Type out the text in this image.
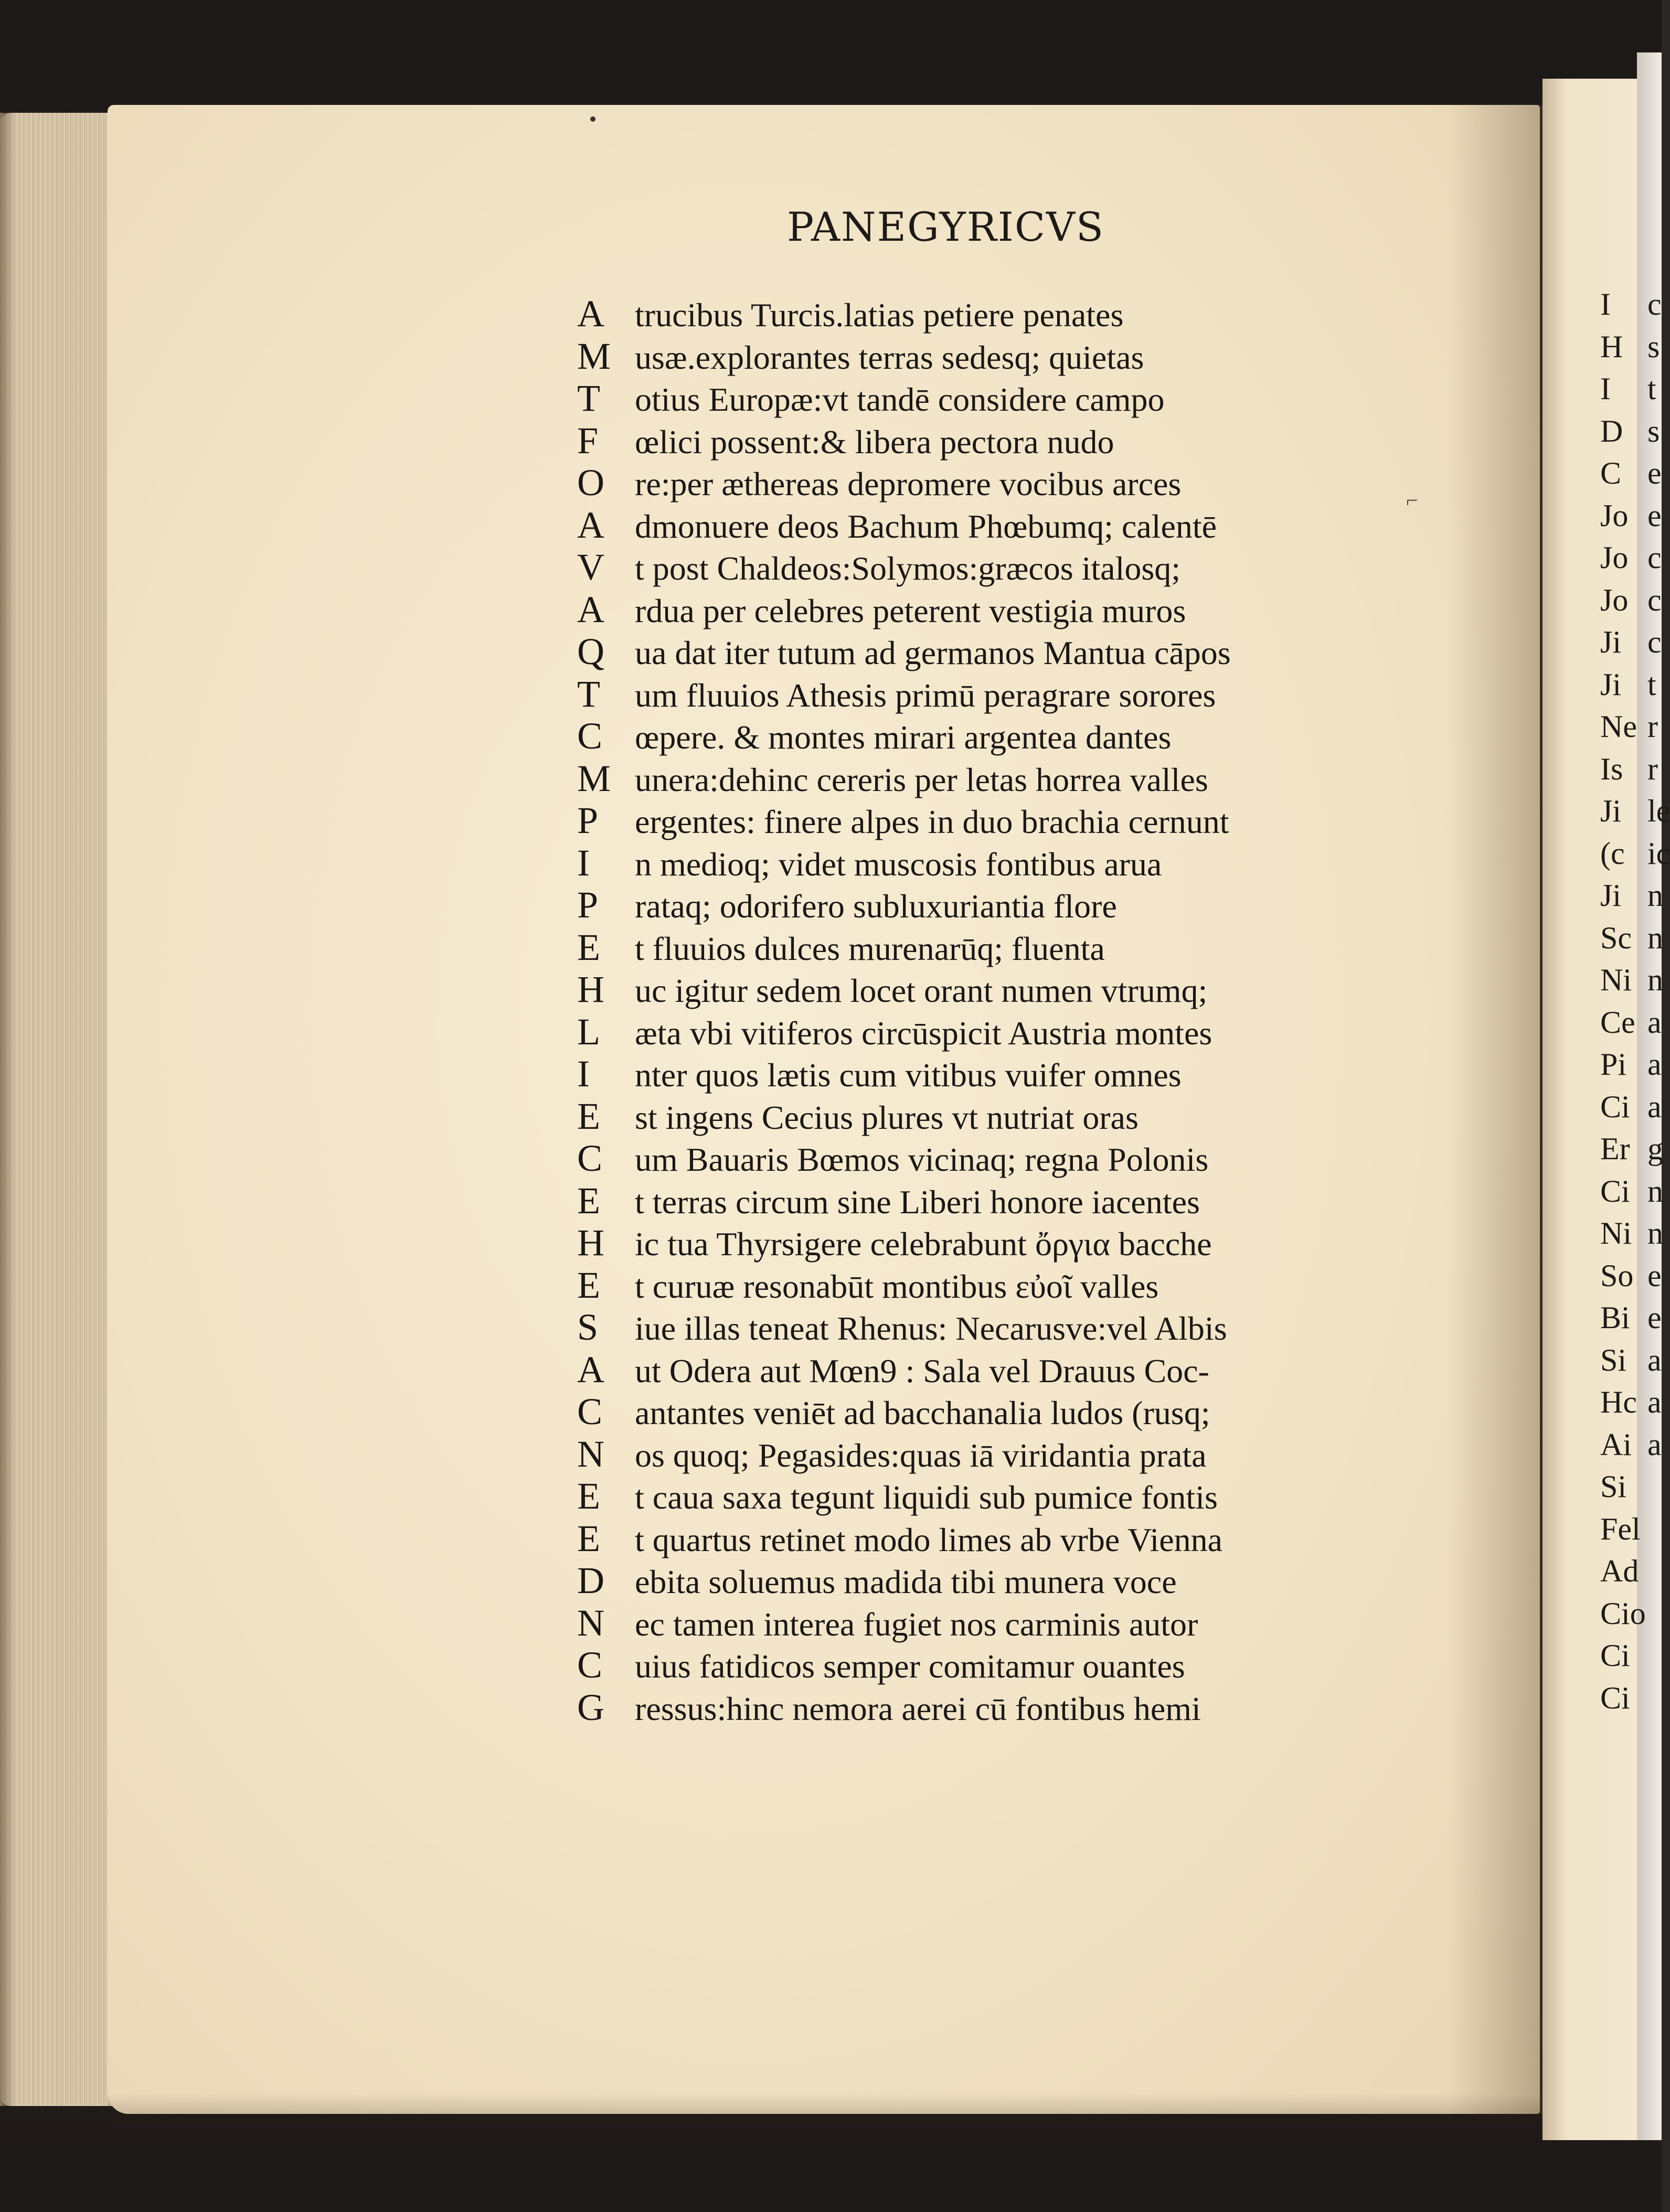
⌐
PANEGYRICVS
A trucibus Turcis.latias petiere penates
M usæ.explorantes terras sedesq; quietas
T otius Europæ:vt tandē considere campo
F œlici possent:& libera pectora nudo
O re:per æthereas depromere vocibus arces
A dmonuere deos Bachum Phœbumq; calentē
V t post Chaldeos:Solymos:græcos italosq;
A rdua per celebres peterent vestigia muros
Q ua dat iter tutum ad germanos Mantua cāpos
T um fluuios Athesis primū peragrare sorores
C œpere. & montes mirari argentea dantes
M unera:dehinc cereris per letas horrea valles
P ergentes: finere alpes in duo brachia cernunt
I n medioq; videt muscosis fontibus arua
P rataq; odorifero subluxuriantia flore
E t fluuios dulces murenarūq; fluenta
H uc igitur sedem locet orant numen vtrumq;
L æta vbi vitiferos circūspicit Austria montes
I nter quos lætis cum vitibus vuifer omnes
E st ingens Cecius plures vt nutriat oras
C um Bauaris Bœmos vicinaq; regna Polonis
E t terras circum sine Liberi honore iacentes
H ic tua Thyrsigere celebrabunt ὄργια bacche
E t curuæ resonabūt montibus εὐοῖ valles
S iue illas teneat Rhenus: Necarusve:vel Albis
A ut Odera aut Mœn9 : Sala vel Drauus Coc-
C antantes veniēt ad bacchanalia ludos (rusq;
N os quoq; Pegasides:quas iā viridantia prata
E t caua saxa tegunt liquidi sub pumice fontis
E t quartus retinet modo limes ab vrbe Vienna
D ebita soluemus madida tibi munera voce
N ec tamen interea fugiet nos carminis autor
C uius fatidicos semper comitamur ouantes
G ressus:hinc nemora aerei cū fontibus hemi
I c
H s
I t
D s
C e
Jo e
Jo c
Jo c
Ji c
Ji t
Ne r
Is r
Ji le
(c ic
Ji n
Sc n
Ni n
Ce a
Pi a
Ci a
Er g
Ci n
Ni n
So e
Bi e
Si a
Hc a
Ai a
Si
Fel
Ad
Cio
Ci
Ci
